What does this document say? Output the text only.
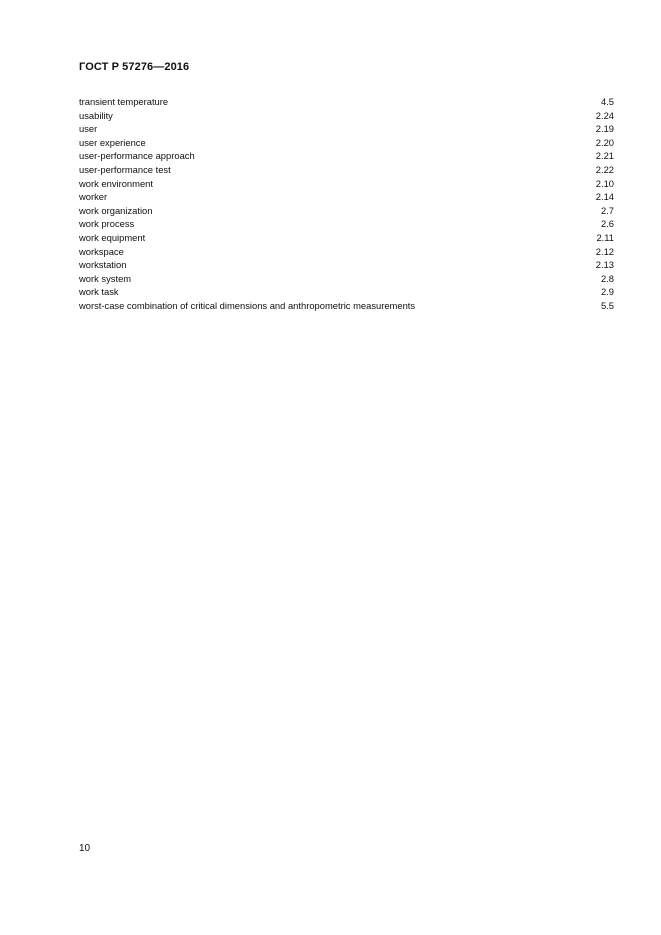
ГОСТ Р 57276—2016
transient temperature	4.5
usability	2.24
user	2.19
user experience	2.20
user-performance approach	2.21
user-performance test	2.22
work environment	2.10
worker	2.14
work organization	2.7
work process	2.6
work equipment	2.11
workspace	2.12
workstation	2.13
work system	2.8
work task	2.9
worst-case combination of critical dimensions and anthropometric measurements	5.5
10
